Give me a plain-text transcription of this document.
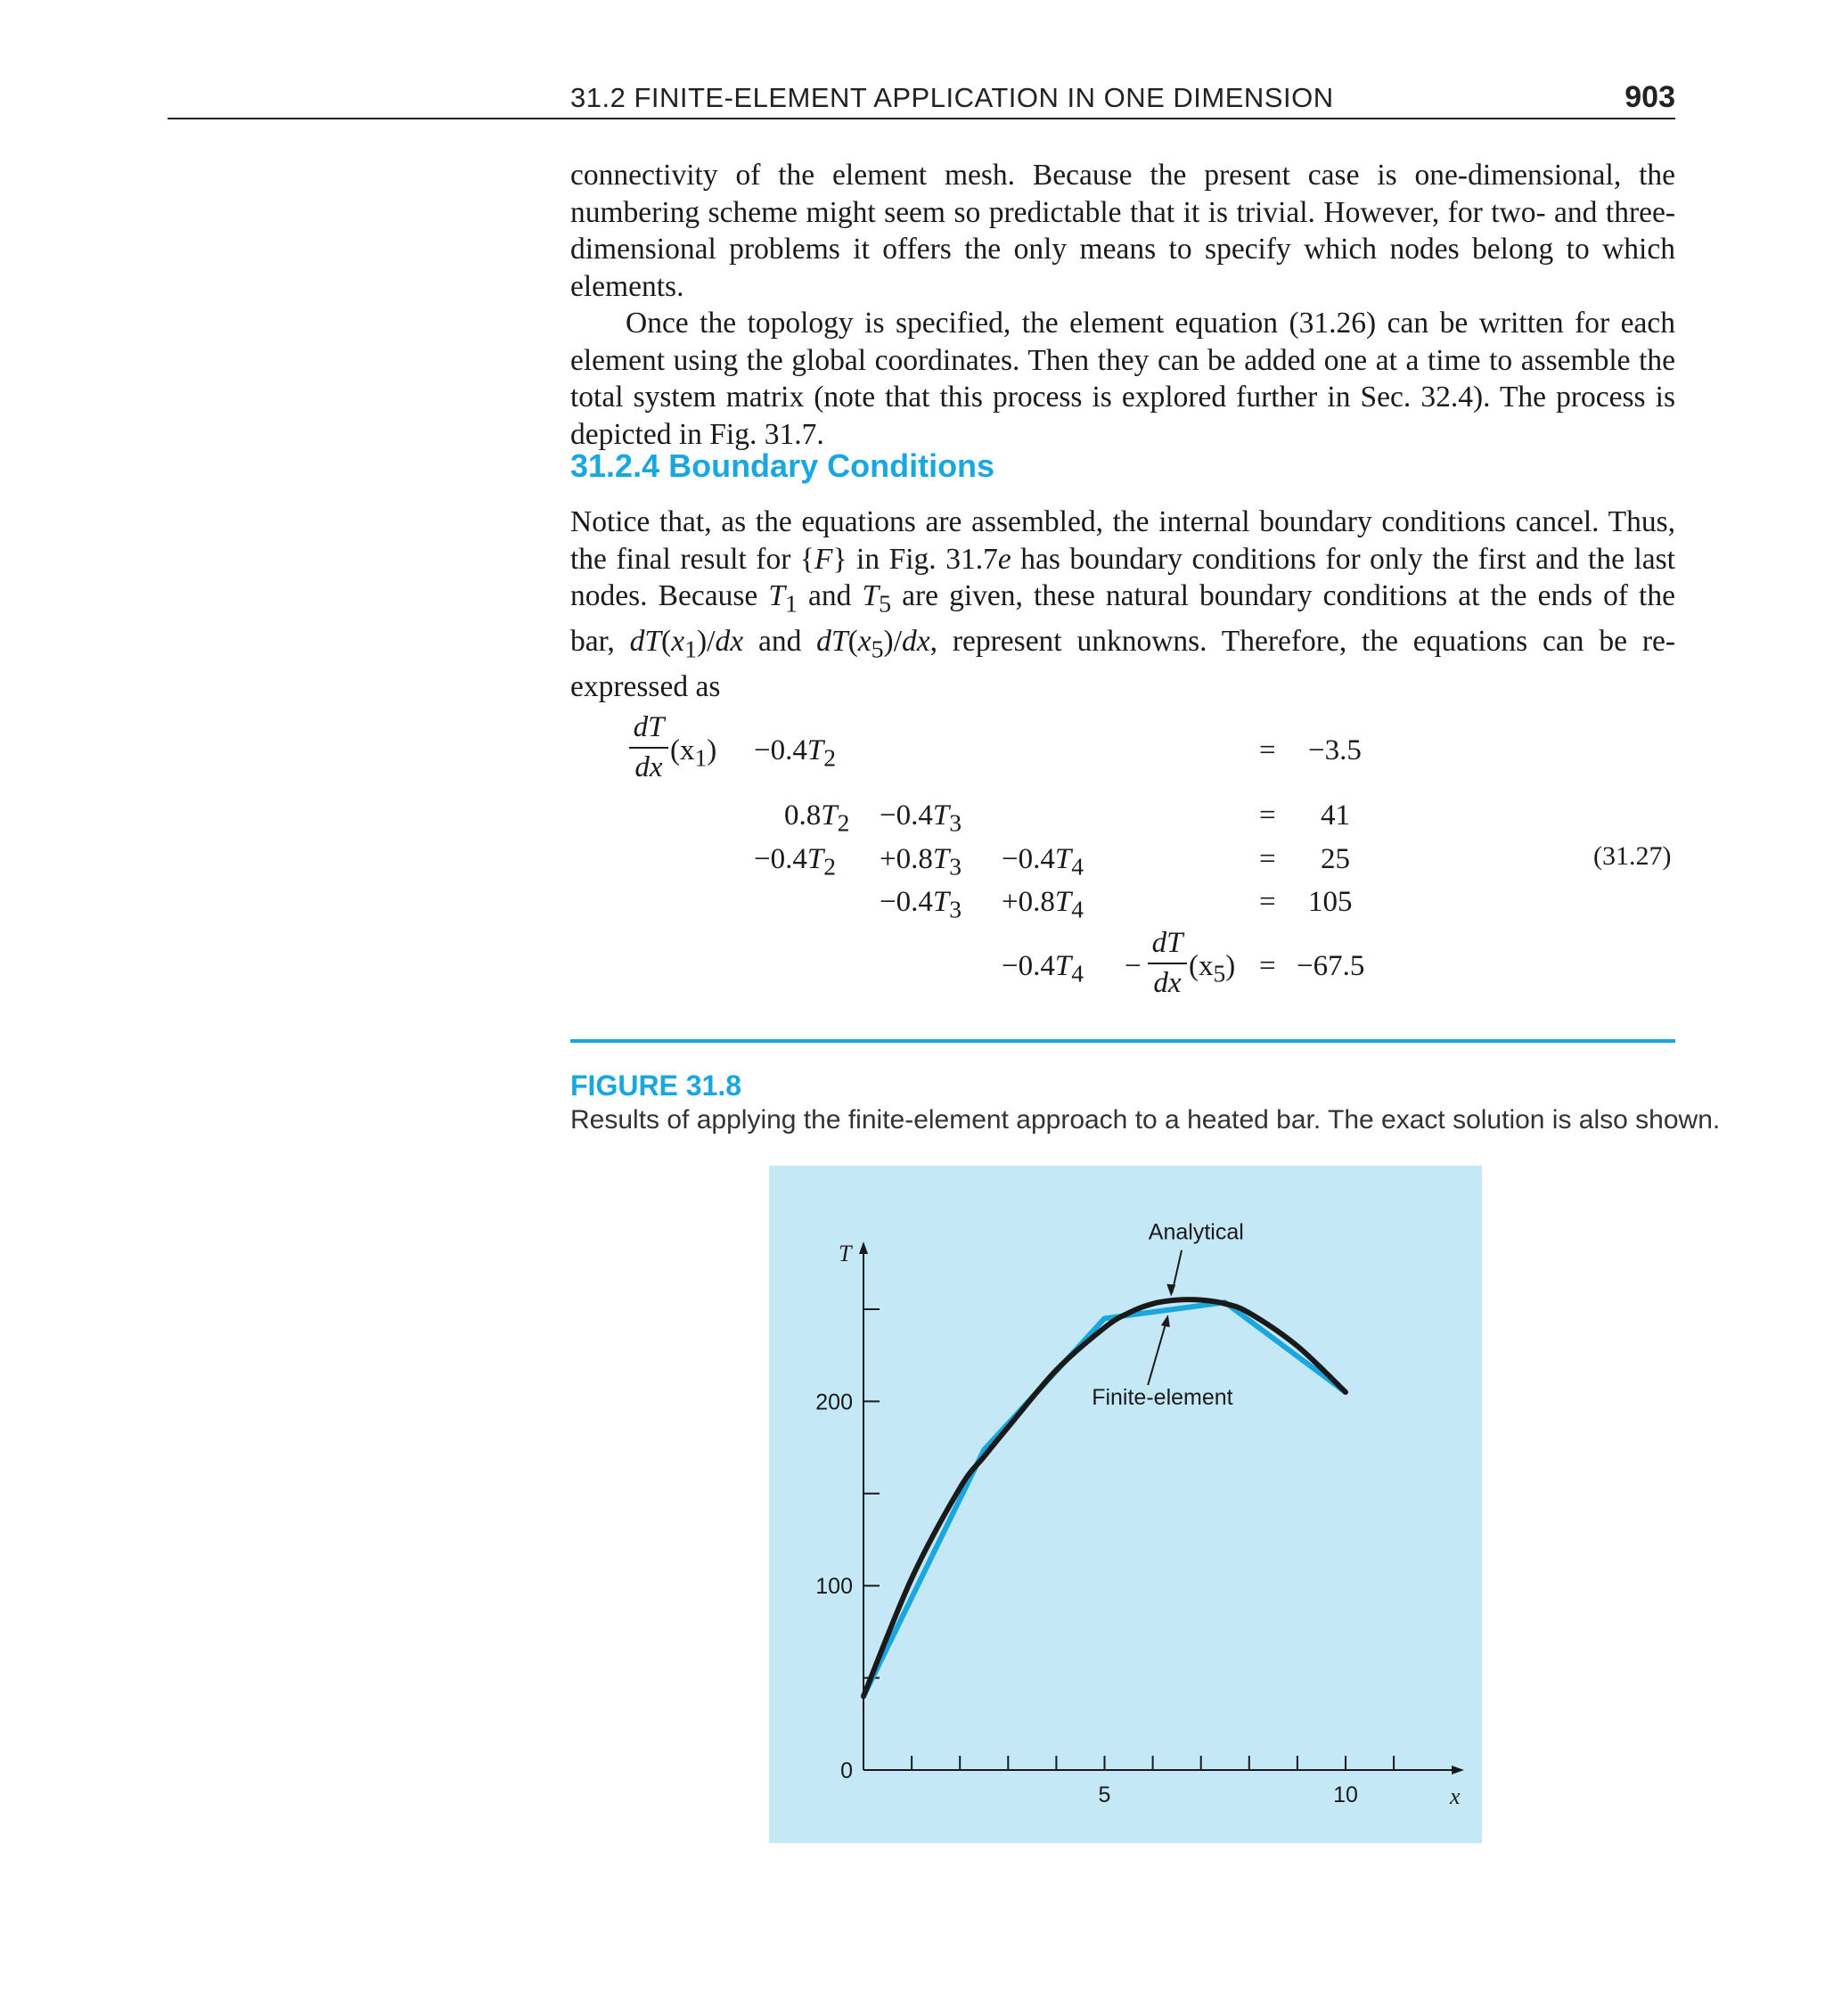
31.2 FINITE-ELEMENT APPLICATION IN ONE DIMENSION	903

connectivity of the element mesh. Because the present case is one-dimensional, the numbering scheme might seem so predictable that it is trivial. However, for two- and three-dimensional problems it offers the only means to specify which nodes belong to which elements.

Once the topology is specified, the element equation (31.26) can be written for each element using the global coordinates. Then they can be added one at a time to assemble the total system matrix (note that this process is explored further in Sec. 32.4). The process is depicted in Fig. 31.7.

31.2.4 Boundary Conditions

Notice that, as the equations are assembled, the internal boundary conditions cancel. Thus, the final result for {F} in Fig. 31.7e has boundary conditions for only the first and the last nodes. Because $T_1$ and $T_5$ are given, these natural boundary conditions at the ends of the bar, $dT(x_1)/dx$ and $dT(x_5)/dx$, represent unknowns. Therefore, the equations can be re-expressed as

dT
dx
$(x_1) -0.4T_2$	= −3.5
$0.8T_2 -0.4T_3$	= 41
$-0.4T_2 +0.8T_3 -0.4T_4$	= 25
$-0.4T_3 +0.8T_4$	= 105
$-0.4T_4$ −
dT
dx
$(x_5) = -67.5$
(31.27)
FIGURE 31.8
Results of applying the finite-element approach to a heated bar. The exact solution is also shown.
5	10
0
100
200
x
T
Analytical
Finite-element
